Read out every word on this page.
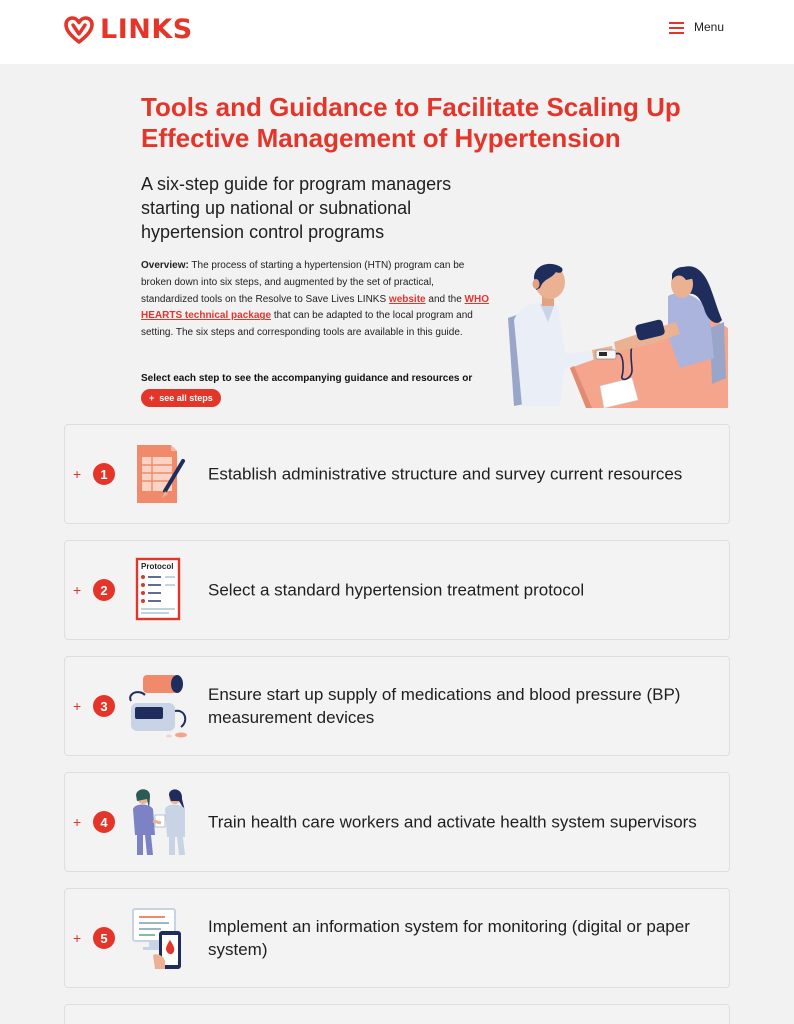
LINKS	Menu
Tools and Guidance to Facilitate Scaling Up Effective Management of Hypertension

A six-step guide for program managers starting up national or subnational hypertension control programs

Overview: The process of starting a hypertension (HTN) program can be broken down into six steps, and augmented by the set of practical, standardized tools on the Resolve to Save Lives LINKS website and the WHO HEARTS technical package that can be adapted to the local program and setting. The six steps and corresponding tools are available in this guide.

Select each step to see the accompanying guidance and resources or

+ see all steps
+	1	Establish administrative structure and survey current resources
+	2
Protocol
Select a standard hypertension treatment protocol
+	3
Ensure start up supply of medications and blood pressure (BP) measurement devices
+	4	Train health care workers and activate health system supervisors
+	5
Implement an information system for monitoring (digital or paper system)
